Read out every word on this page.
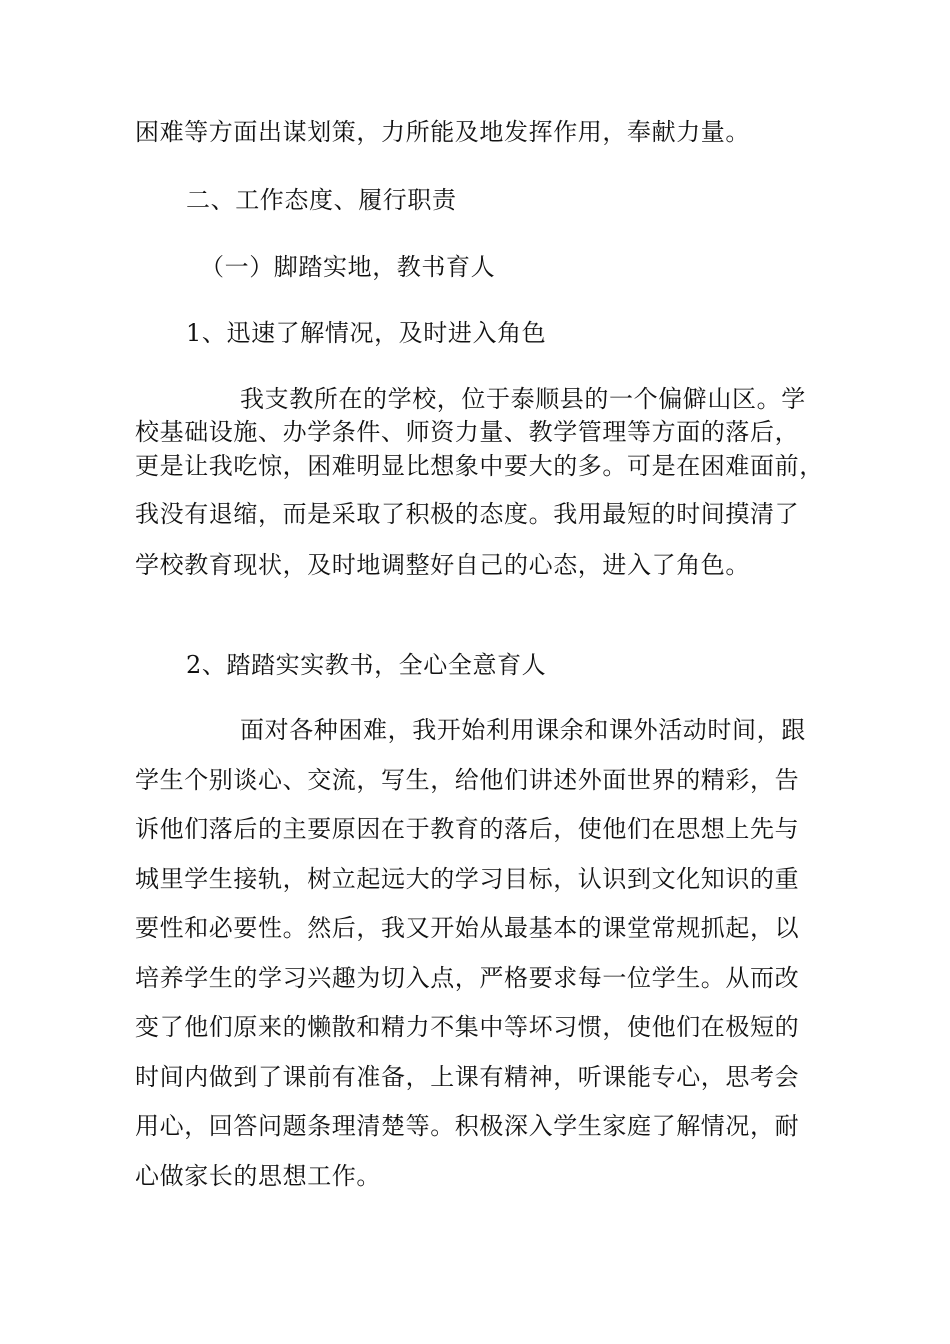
困难等方面出谋划策，力所能及地发挥作用，奉献力量。
二、工作态度、履行职责
（一）脚踏实地，教书育人
1、迅速了解情况，及时进入角色
我支教所在的学校，位于泰顺县的一个偏僻山区。学
校基础设施、办学条件、师资力量、教学管理等方面的落后，
更是让我吃惊，困难明显比想象中要大的多。可是在困难面前，
我没有退缩，而是采取了积极的态度。我用最短的时间摸清了
学校教育现状，及时地调整好自己的心态，进入了角色。
2、踏踏实实教书，全心全意育人
面对各种困难，我开始利用课余和课外活动时间，跟
学生个别谈心、交流，写生，给他们讲述外面世界的精彩，告
诉他们落后的主要原因在于教育的落后，使他们在思想上先与
城里学生接轨，树立起远大的学习目标，认识到文化知识的重
要性和必要性。然后，我又开始从最基本的课堂常规抓起，以
培养学生的学习兴趣为切入点，严格要求每一位学生。从而改
变了他们原来的懒散和精力不集中等坏习惯，使他们在极短的
时间内做到了课前有准备，上课有精神，听课能专心，思考会
用心，回答问题条理清楚等。积极深入学生家庭了解情况，耐
心做家长的思想工作。
